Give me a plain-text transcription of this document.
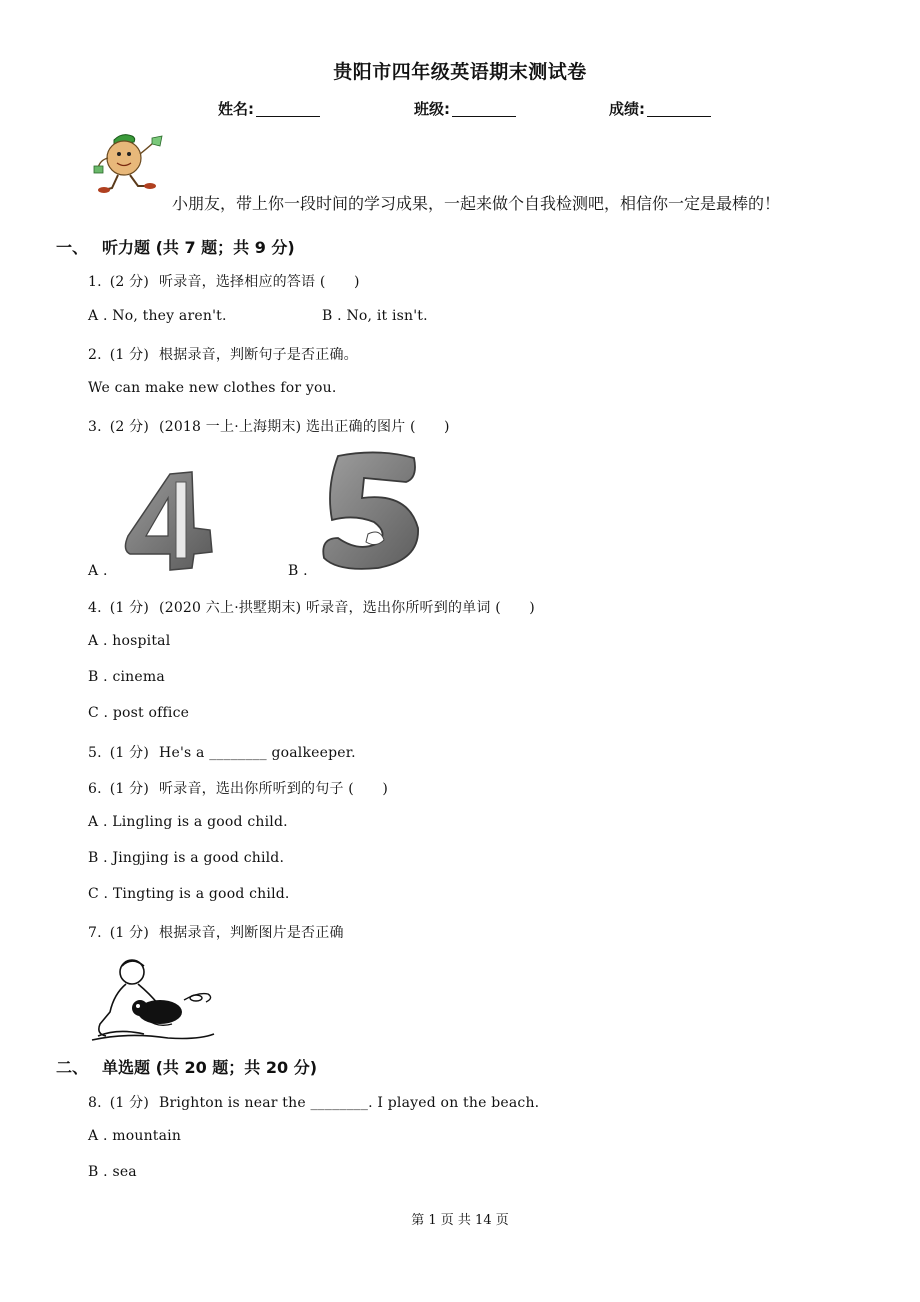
贵阳市四年级英语期末测试卷
姓名:	班级:	成绩:
小朋友，带上你一段时间的学习成果，一起来做个自我检测吧，相信你一定是最棒的！
一、 听力题 (共 7 题；共 9 分)
1. (2 分) 听录音，选择相应的答语 (　　)
A . No, they aren't.	B . No, it isn't.
2. (1 分) 根据录音，判断句子是否正确。
We can make new clothes for you.
3. (2 分) (2018 一上·上海期末) 选出正确的图片 (　　)
A .	B .
4. (1 分) (2020 六上·拱墅期末) 听录音，选出你所听到的单词 (　　)
A . hospital
B . cinema
C . post office
5. (1 分) He's a ________ goalkeeper.
6. (1 分) 听录音，选出你所听到的句子 (　　)
A . Lingling is a good child.
B . Jingjing is a good child.
C . Tingting is a good child.
7. (1 分) 根据录音，判断图片是否正确
二、 单选题 (共 20 题；共 20 分)
8. (1 分) Brighton is near the ________. I played on the beach.
A . mountain
B . sea
第 1 页 共 14 页
